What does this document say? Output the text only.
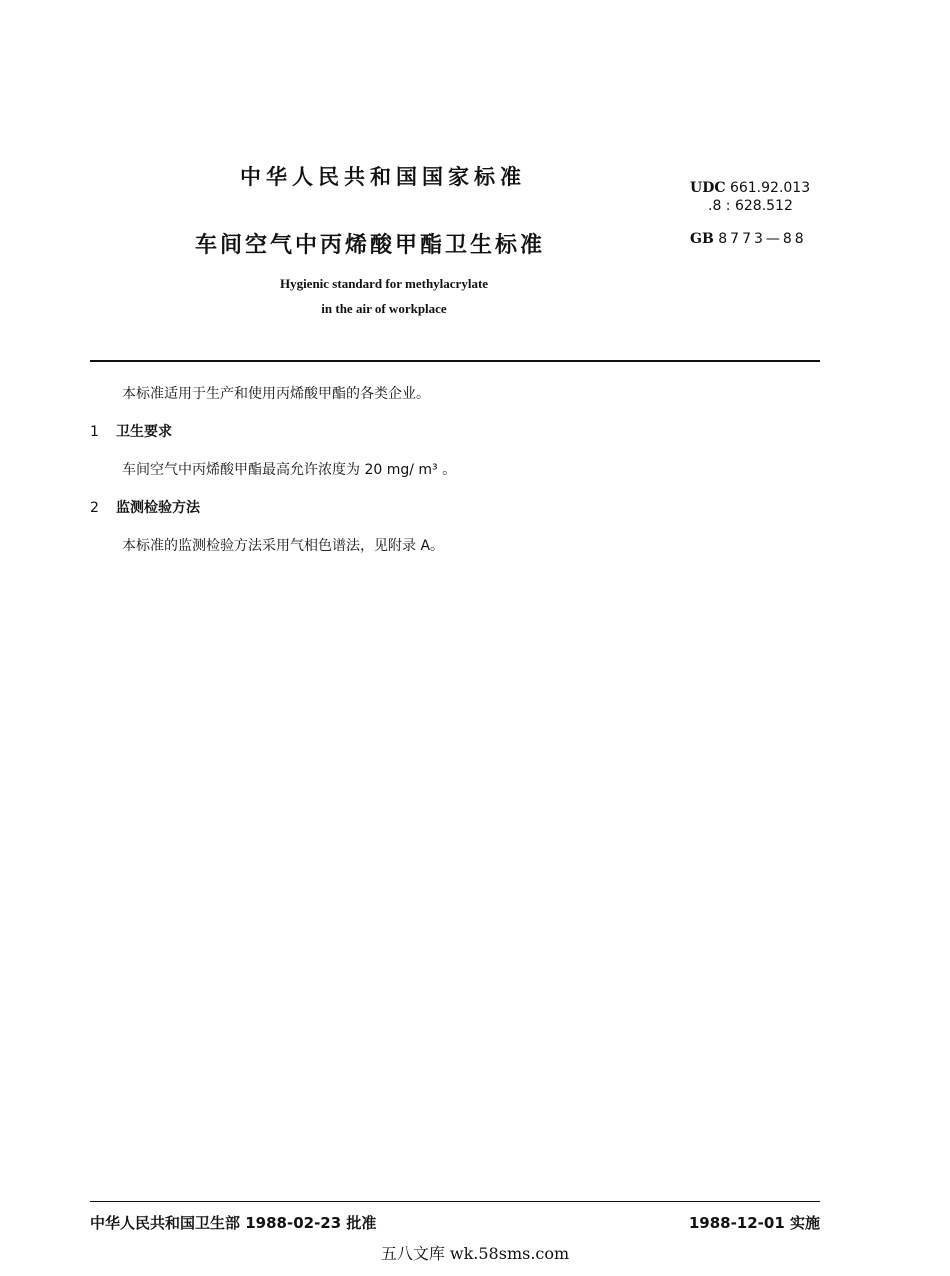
中华人民共和国国家标准	UDC 661.92.013
.8 : 628.512
车间空气中丙烯酸甲酯卫生标准	GB 8773—88
Hygienic standard for methylacrylate
in the air of workplace
本标准适用于生产和使用丙烯酸甲酯的各类企业。
1 卫生要求
车间空气中丙烯酸甲酯最高允许浓度为 20 mg/ m³ 。
2 监测检验方法
本标准的监测检验方法采用气相色谱法，见附录 A。
中华人民共和国卫生部 1988-02-23 批准	1988-12-01 实施
五八文库 wk.58sms.com
